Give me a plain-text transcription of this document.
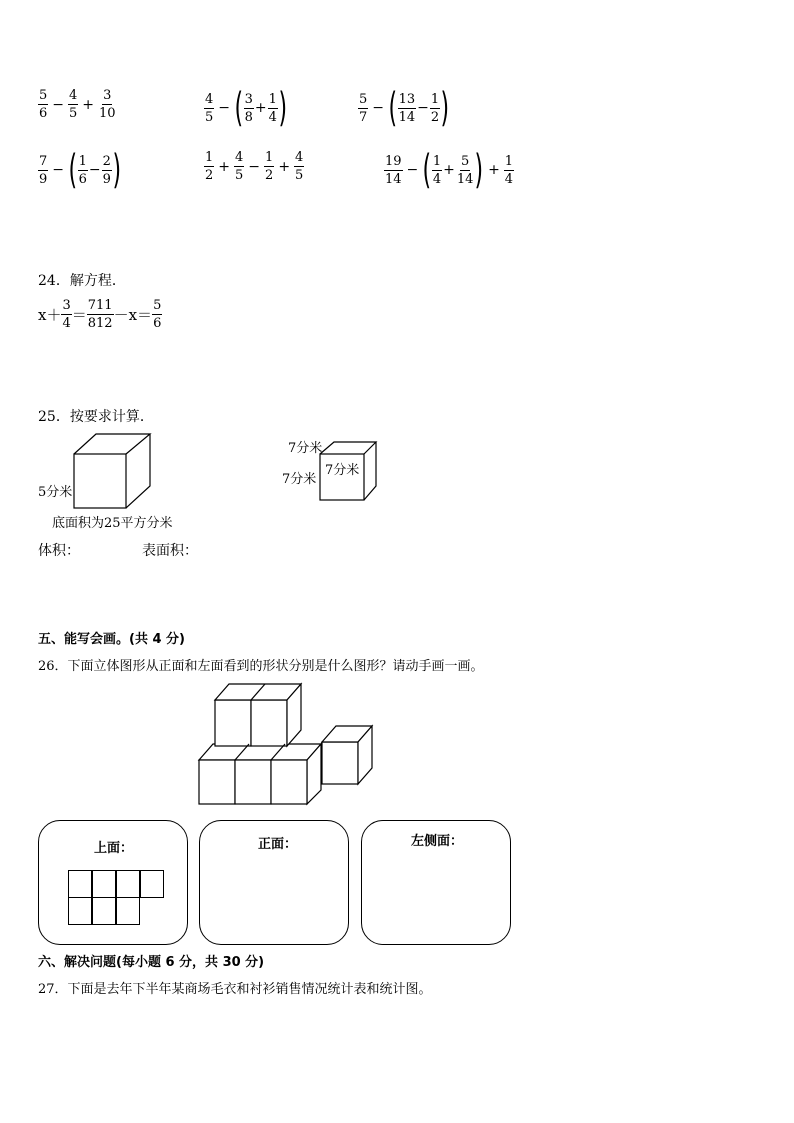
$\frac{5}{6} - \frac{4}{5} + \frac{3}{10}$	$\frac{4}{5}$ − ( $\frac{3}{8} + \frac{1}{4}$ )	$\frac{5}{7}$ − ( $\frac{13}{14} - \frac{1}{2}$ )
$\frac{7}{9}$ − ( $\frac{1}{6} - \frac{2}{9}$ )	$\frac{1}{2} + \frac{4}{5} - \frac{1}{2} + \frac{4}{5}$	$\frac{19}{14}$ − ( $\frac{1}{4} + \frac{5}{14}$ ) + $\frac{1}{4}$
24．解方程．
$x+ \frac{3}{4} = \frac{711}{812} -x= \frac{5}{6}$
25．按要求计算．
5分米
底面积为25平方分米
7分米
7分米
7分米
体积：	表面积：
五、能写会画。(共 4 分)
26．下面立体图形从正面和左面看到的形状分别是什么图形？请动手画一画。
上面：	正面：	左侧面：
六、解决问题(每小题 6 分，共 30 分)
27．下面是去年下半年某商场毛衣和衬衫销售情况统计表和统计图。
